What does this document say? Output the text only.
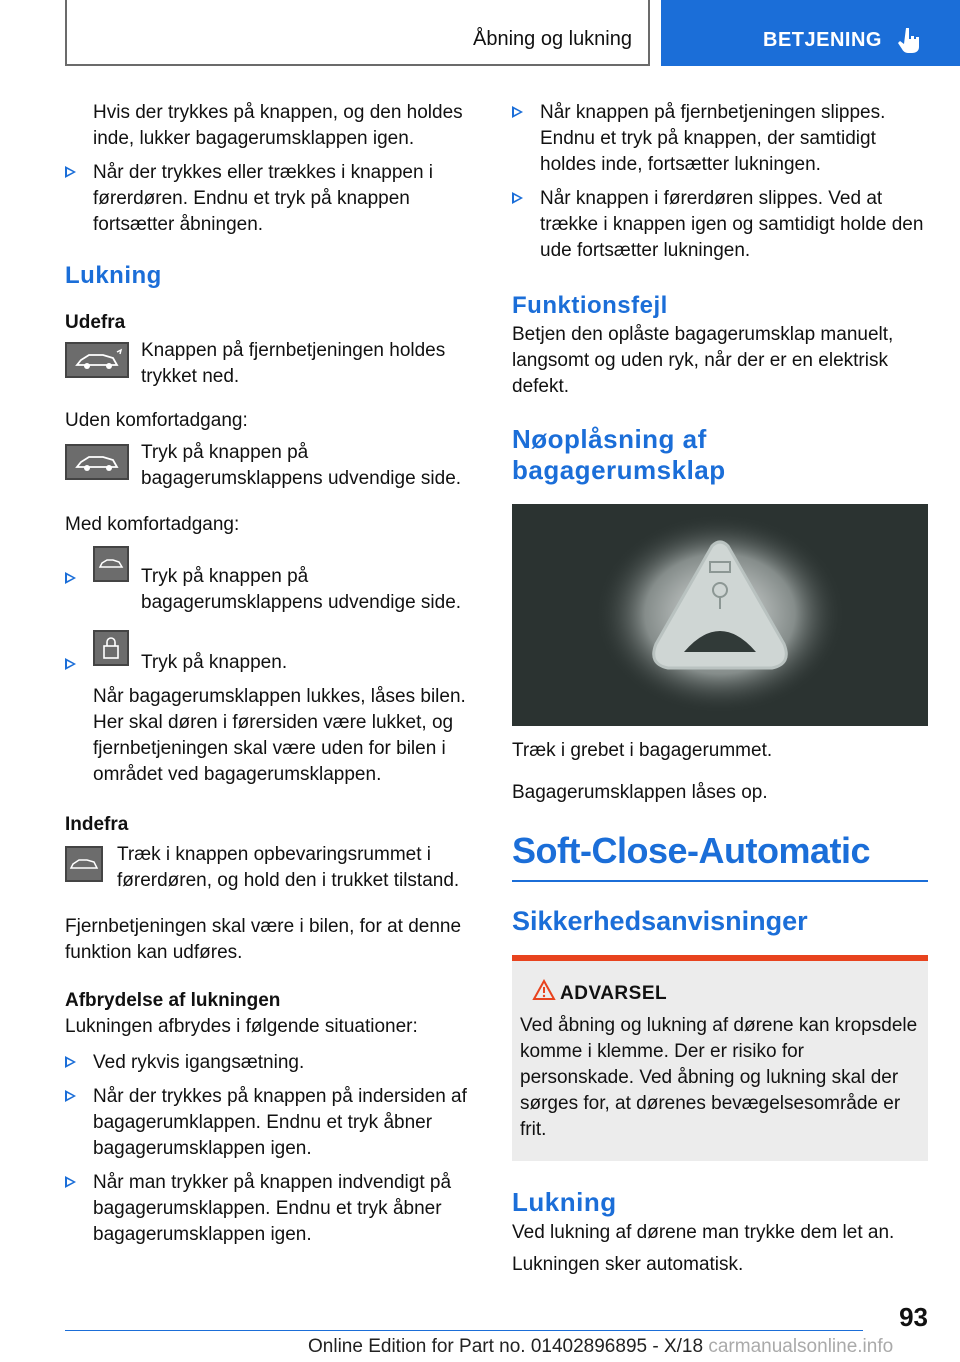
Åbning og lukning	BETJENING

Hvis der trykkes på knappen, og den holdes inde, lukker bagagerumsklappen igen.

Når der trykkes eller trækkes i knappen i førerdøren. Endnu et tryk på knappen fortsætter åbningen.
Lukning
Udefra

Knappen på fjernbetjeningen holdes trykket ned.

Uden komfortadgang:

Tryk på knappen på bagagerumsklappens udvendige side.

Med komfortadgang:

Tryk på knappen på bagagerumsklappens udvendige side.
Tryk på knappen.
Når bagagerumsklappen lukkes, låses bilen. Her skal døren i førersiden være lukket, og fjernbetjeningen skal være uden for bilen i området ved bagagerumsklappen.
Indefra

Træk i knappen opbevaringsrummet i førerdøren, og hold den i trukket tilstand.

Fjernbetjeningen skal være i bilen, for at denne funktion kan udføres.

Afbrydelse af lukningen

Lukningen afbrydes i følgende situationer:

Ved rykvis igangsætning.
Når der trykkes på knappen på indersiden af bagagerumklappen. Endnu et tryk åbner bagagerumsklappen igen.
Når man trykker på knappen indvendigt på bagagerumsklappen. Endnu et tryk åbner bagagerumsklappen igen.
Når knappen på fjernbetjeningen slippes. Endnu et tryk på knappen, der samtidigt holdes inde, fortsætter lukningen.
Når knappen i førerdøren slippes. Ved at trække i knappen igen og samtidigt holde den ude fortsætter lukningen.
Funktionsfejl

Betjen den oplåste bagagerumsklap manuelt, langsomt og uden ryk, når der er en elektrisk defekt.

Nøoplåsning af bagagerumsklap

Træk i grebet i bagagerummet.

Bagagerumsklappen låses op.

Soft-Close-Automatic
Sikkerhedsanvisninger
ADVARSEL

Ved åbning og lukning af dørene kan kropsdele komme i klemme. Der er risiko for personskade. Ved åbning og lukning skal der sørges for, at dørenes bevægelsesområde er frit.

Lukning

Ved lukning af dørene man trykke dem let an.

Lukningen sker automatisk.

93
Online Edition for Part no. 01402896895 - X/18 carmanualsonline.info
